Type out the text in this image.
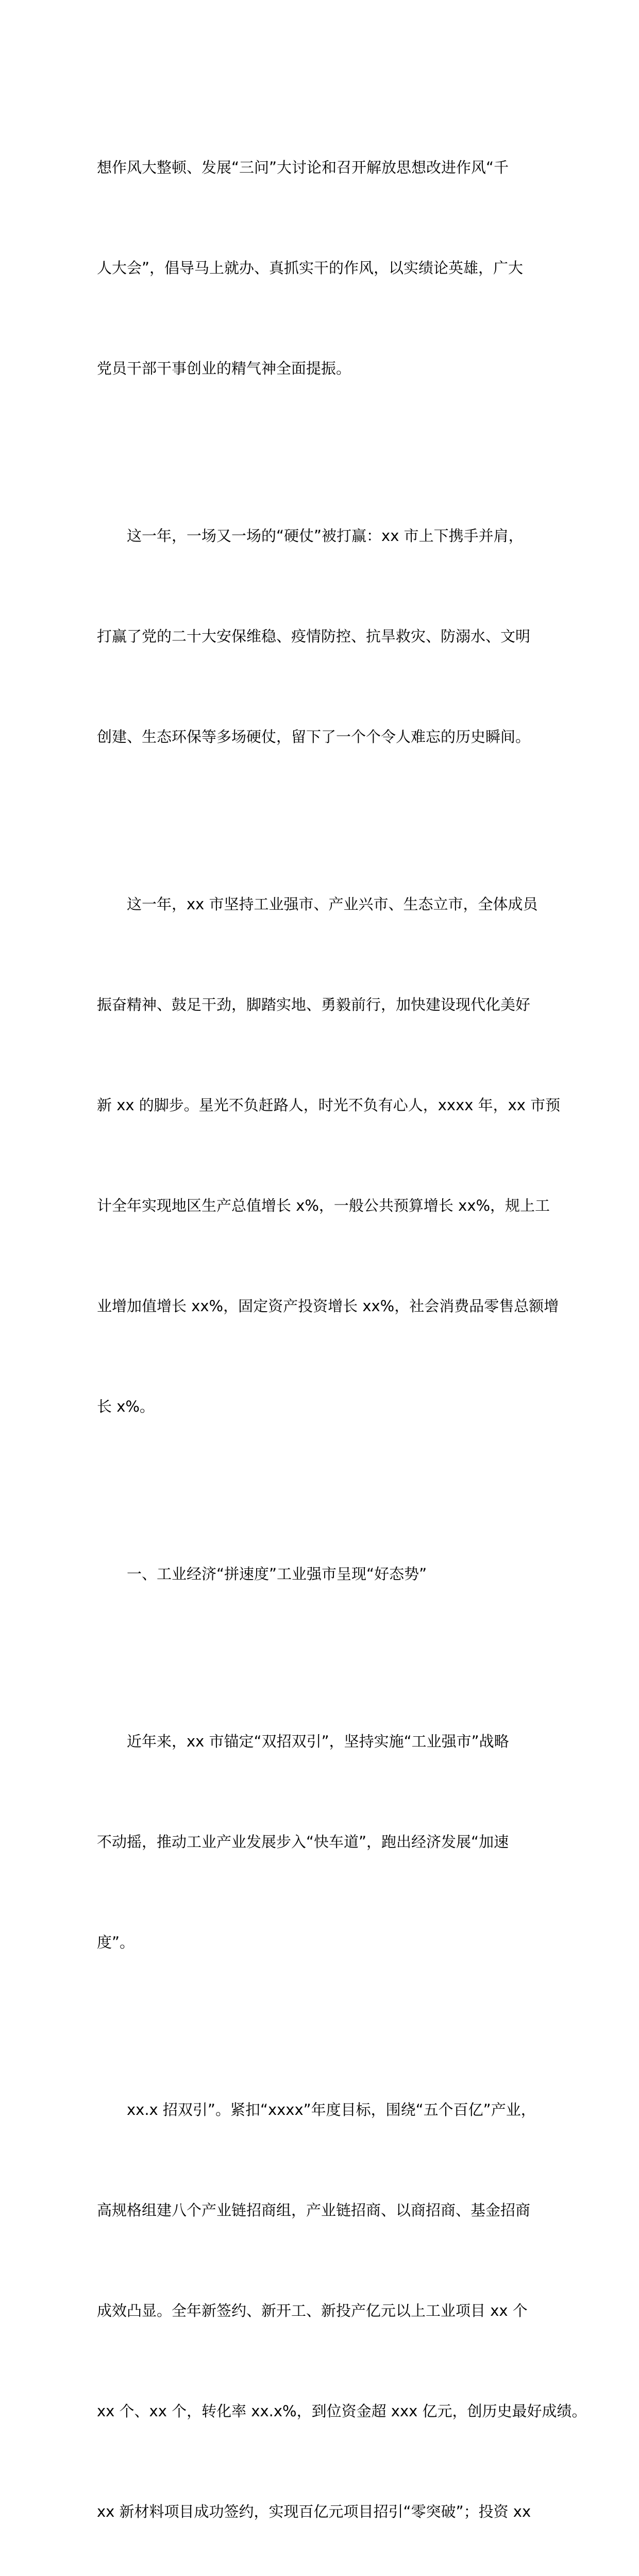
想作风大整顿、发展“三问”大讨论和召开解放思想改进作风“千

人大会”，倡导马上就办、真抓实干的作风，以实绩论英雄，广大

党员干部干事创业的精气神全面提振。

这一年，一场又一场的“硬仗”被打赢：xx 市上下携手并肩，

打赢了党的二十大安保维稳、疫情防控、抗旱救灾、防溺水、文明

创建、生态环保等多场硬仗，留下了一个个令人难忘的历史瞬间。

这一年，xx 市坚持工业强市、产业兴市、生态立市，全体成员

振奋精神、鼓足干劲，脚踏实地、勇毅前行，加快建设现代化美好

新 xx 的脚步。星光不负赶路人，时光不负有心人，xxxx 年，xx 市预

计全年实现地区生产总值增长 x%，一般公共预算增长 xx%，规上工

业增加值增长 xx%，固定资产投资增长 xx%，社会消费品零售总额增

长 x%。

一、工业经济“拼速度”工业强市呈现“好态势”

近年来，xx 市锚定“双招双引”，坚持实施“工业强市”战略

不动摇，推动工业产业发展步入“快车道”，跑出经济发展“加速

度”。

xx.x 招双引”。紧扣“xxxx”年度目标，围绕“五个百亿”产业，

高规格组建八个产业链招商组，产业链招商、以商招商、基金招商

成效凸显。全年新签约、新开工、新投产亿元以上工业项目 xx 个

xx 个、xx 个，转化率 xx.x%，到位资金超 xxx 亿元，创历史最好成绩。

xx 新材料项目成功签约，实现百亿元项目招引“零突破”；投资 xx
